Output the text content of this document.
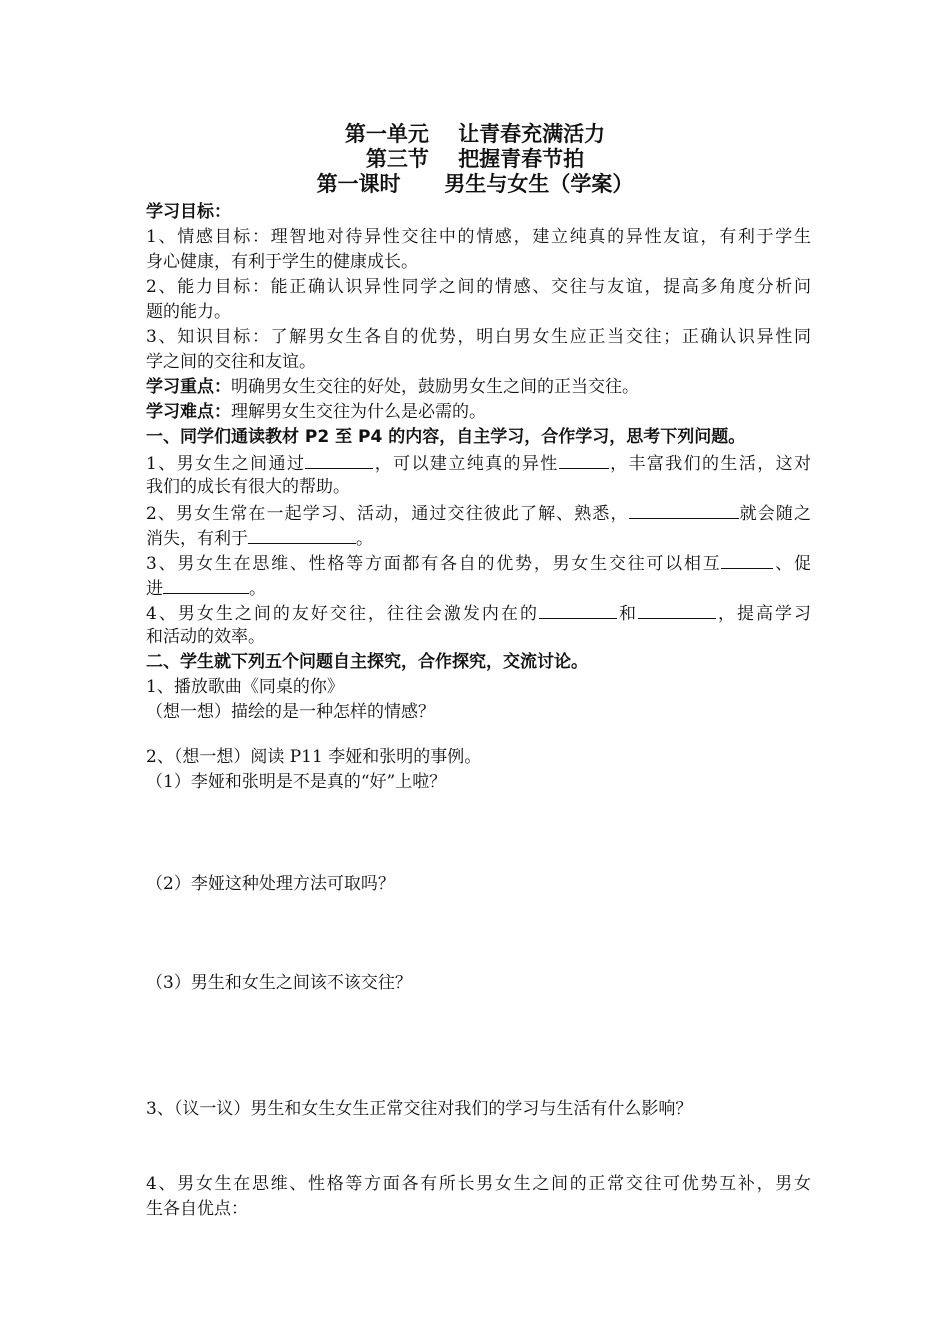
第一单元    让青春充满活力
第三节    把握青春节拍
第一课时      男生与女生（学案）
学习目标：
1、情感目标：理智地对待异性交往中的情感，建立纯真的异性友谊，有利于学生
身心健康，有利于学生的健康成长。
2、能力目标：能正确认识异性同学之间的情感、交往与友谊，提高多角度分析问
题的能力。
3、知识目标：了解男女生各自的优势，明白男女生应正当交往；正确认识异性同
学之间的交往和友谊。
学习重点：明确男女生交往的好处，鼓励男女生之间的正当交往。
学习难点：理解男女生交往为什么是必需的。
一、同学们通读教材 P2 至 P4 的内容，自主学习，合作学习，思考下列问题。
1、男女生之间通过	，可以建立纯真的异性	，丰富我们的生活，这对
我们的成长有很大的帮助。
2、男女生常在一起学习、活动，通过交往彼此了解、熟悉，	就会随之
消失，有利于	。
3、男女生在思维、性格等方面都有各自的优势，男女生交往可以相互	、促
进	。
4、男女生之间的友好交往，往往会激发内在的	和	，提高学习
和活动的效率。
二、学生就下列五个问题自主探究，合作探究，交流讨论。
1、播放歌曲《同桌的你》
（想一想）描绘的是一种怎样的情感？
2、（想一想）阅读 P11 李娅和张明的事例。
（1）李娅和张明是不是真的“好”上啦？
（2）李娅这种处理方法可取吗？
（3）男生和女生之间该不该交往？
3、（议一议）男生和女生女生正常交往对我们的学习与生活有什么影响？
4、男女生在思维、性格等方面各有所长男女生之间的正常交往可优势互补，男女
生各自优点：
